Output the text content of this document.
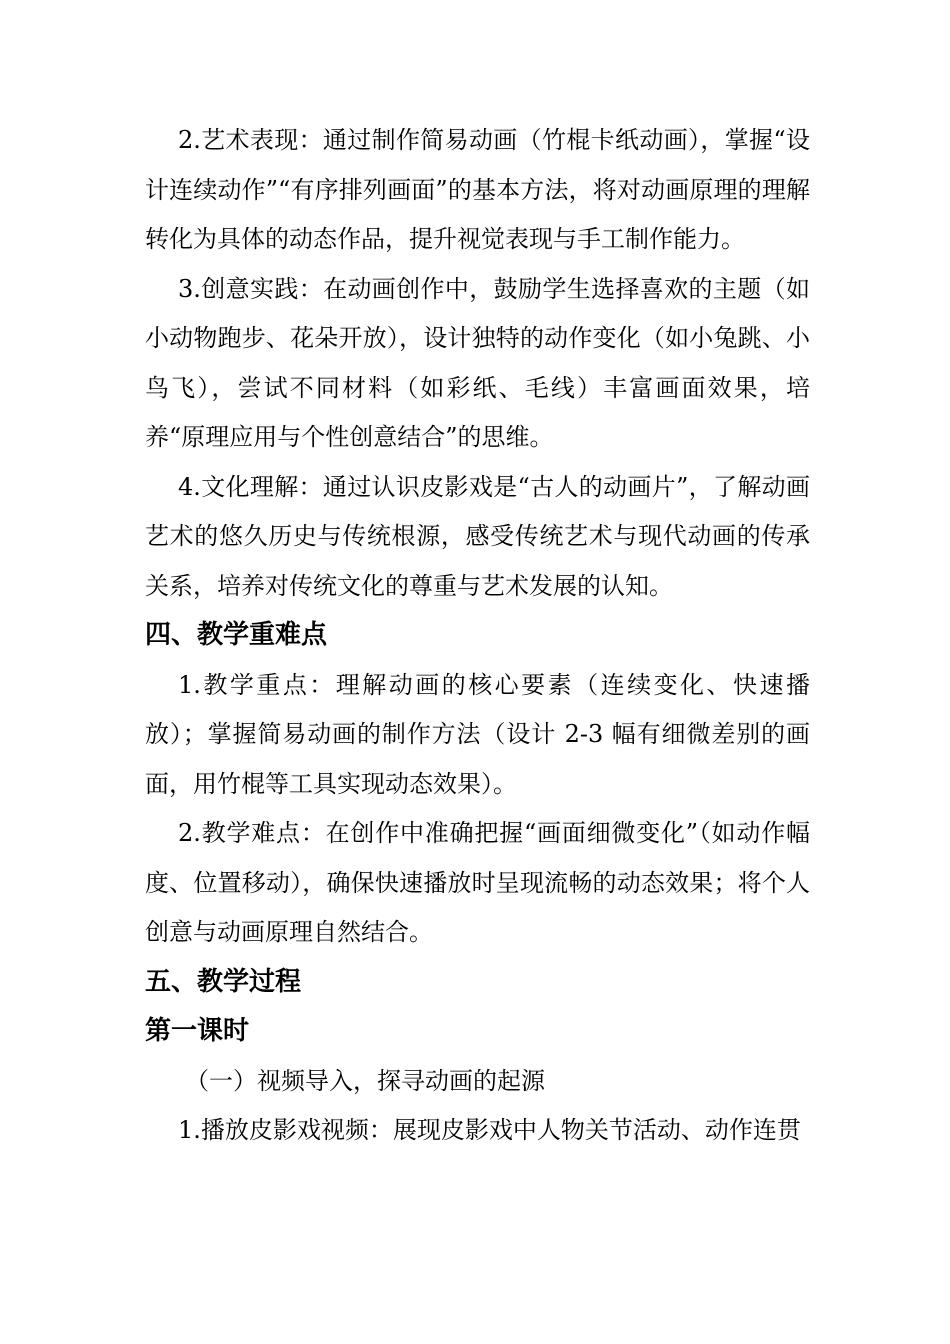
2.艺术表现：通过制作简易动画（竹棍卡纸动画），掌握“设计连续动作”“有序排列画面”的基本方法，将对动画原理的理解转化为具体的动态作品，提升视觉表现与手工制作能力。

3.创意实践：在动画创作中，鼓励学生选择喜欢的主题（如小动物跑步、花朵开放），设计独特的动作变化（如小兔跳、小鸟飞），尝试不同材料（如彩纸、毛线）丰富画面效果，培养“原理应用与个性创意结合”的思维。

4.文化理解：通过认识皮影戏是“古人的动画片”，了解动画艺术的悠久历史与传统根源，感受传统艺术与现代动画的传承关系，培养对传统文化的尊重与艺术发展的认知。

四、教学重难点

1.教学重点：理解动画的核心要素（连续变化、快速播放）；掌握简易动画的制作方法（设计 2-3 幅有细微差别的画面，用竹棍等工具实现动态效果）。

2.教学难点：在创作中准确把握“画面细微变化”（如动作幅度、位置移动），确保快速播放时呈现流畅的动态效果；将个人创意与动画原理自然结合。

五、教学过程
第一课时

（一）视频导入，探寻动画的起源

1.播放皮影戏视频：展现皮影戏中人物关节活动、动作连贯
